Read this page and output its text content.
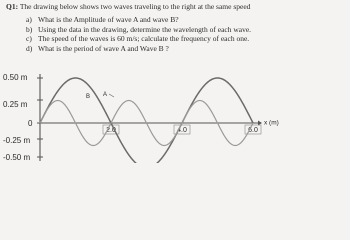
Q1: The drawing below shows two waves traveling to the right at the same speed
a) What is the Amplitude of wave A and wave B?
b) Using the data in the drawing, determine the wavelength of each wave.
c) The speed of the waves is 60 m/s; calculate the frequency of each one.
d) What is the period of wave A and Wave B ?
0.50 m
0.25 m
0
-0.25 m
-0.50 m
x (m)
2.0	4.0	6.0
B A
